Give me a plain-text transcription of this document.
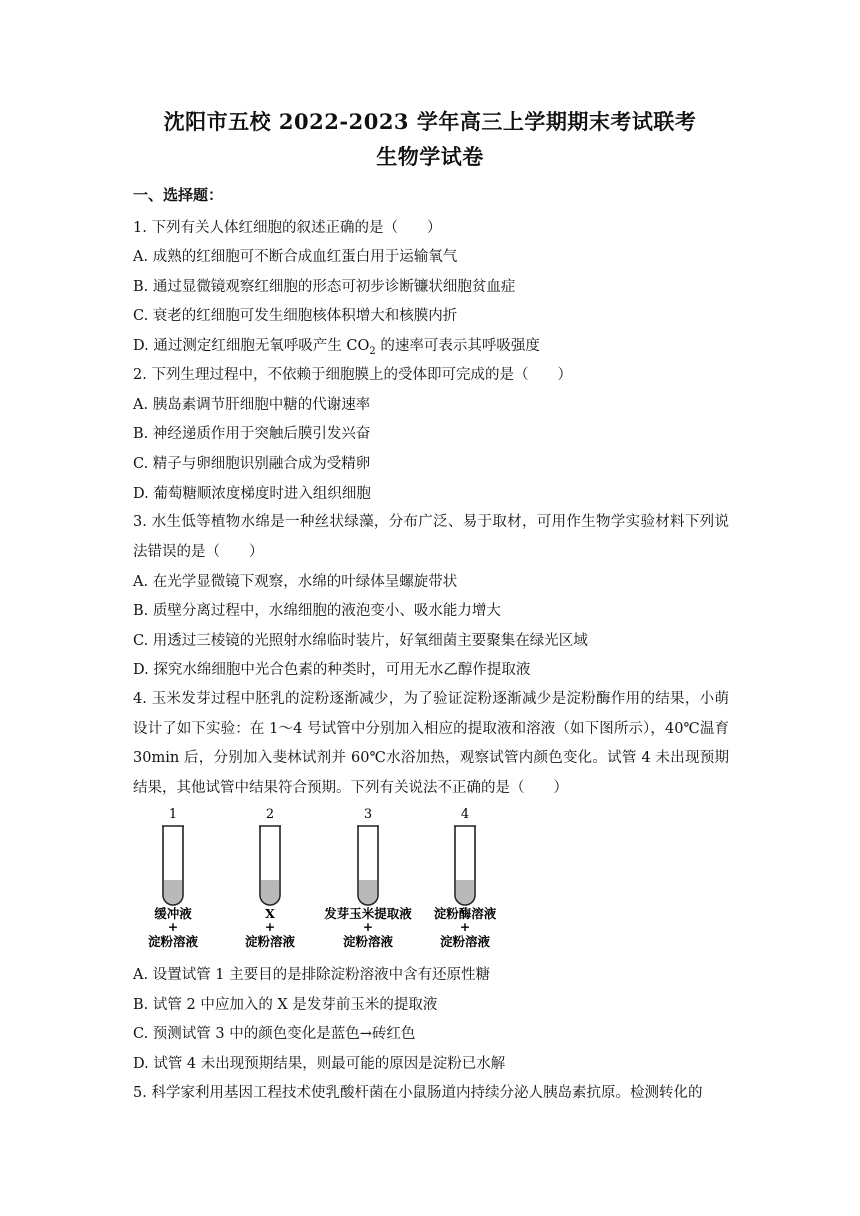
沈阳市五校 2022-2023 学年高三上学期期末考试联考
生物学试卷
一、选择题：
1. 下列有关人体红细胞的叙述正确的是（　　）
A. 成熟的红细胞可不断合成血红蛋白用于运输氧气
B. 通过显微镜观察红细胞的形态可初步诊断镰状细胞贫血症
C. 衰老的红细胞可发生细胞核体积增大和核膜内折
D. 通过测定红细胞无氧呼吸产生 $CO_2$ 的速率可表示其呼吸强度
2. 下列生理过程中，不依赖于细胞膜上的受体即可完成的是（　　）
A. 胰岛素调节肝细胞中糖的代谢速率
B. 神经递质作用于突触后膜引发兴奋
C. 精子与卵细胞识别融合成为受精卵
D. 葡萄糖顺浓度梯度时进入组织细胞
3. 水生低等植物水绵是一种丝状绿藻，分布广泛、易于取材，可用作生物学实验材料下列说法错误的是（　　）
A. 在光学显微镜下观察，水绵的叶绿体呈螺旋带状
B. 质壁分离过程中，水绵细胞的液泡变小、吸水能力增大
C. 用透过三棱镜的光照射水绵临时装片，好氧细菌主要聚集在绿光区域
D. 探究水绵细胞中光合色素的种类时，可用无水乙醇作提取液
4. 玉米发芽过程中胚乳的淀粉逐渐减少，为了验证淀粉逐渐减少是淀粉酶作用的结果，小萌设计了如下实验：在 1～4 号试管中分别加入相应的提取液和溶液（如下图所示），40℃温育 30min 后，分别加入斐林试剂并 60℃水浴加热，观察试管内颜色变化。试管 4 未出现预期结果，其他试管中结果符合预期。下列有关说法不正确的是（　　）
1
缓冲液
+
淀粉溶液
2
X
+
淀粉溶液
3
发芽玉米提取液
+
淀粉溶液
4
淀粉酶溶液
+
淀粉溶液
A. 设置试管 1 主要目的是排除淀粉溶液中含有还原性糖
B. 试管 2 中应加入的 X 是发芽前玉米的提取液
C. 预测试管 3 中的颜色变化是蓝色→砖红色
D. 试管 4 未出现预期结果，则最可能的原因是淀粉已水解
5. 科学家利用基因工程技术使乳酸杆菌在小鼠肠道内持续分泌人胰岛素抗原。检测转化的
